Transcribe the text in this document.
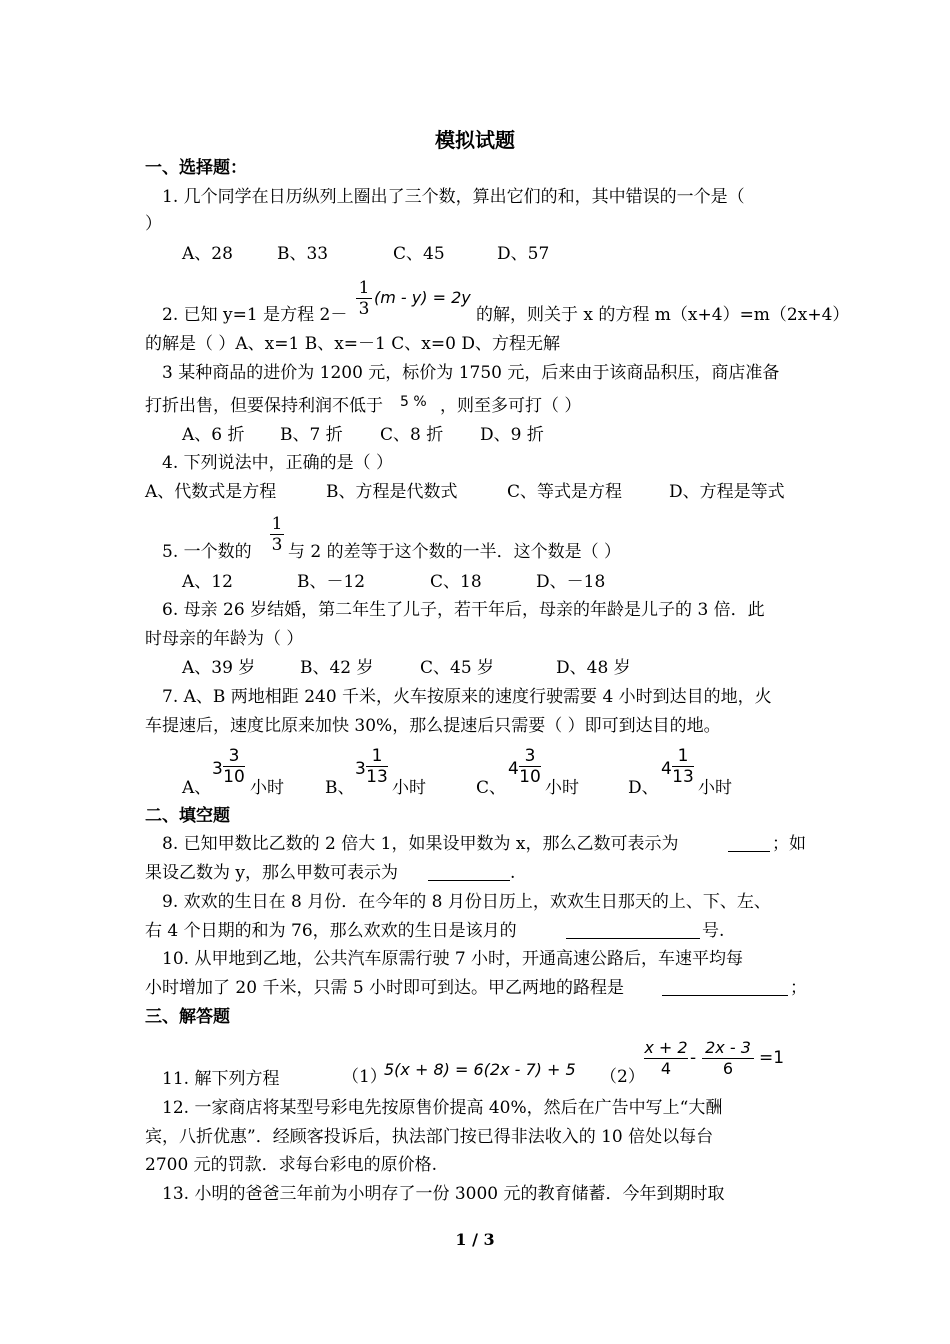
模拟试题
一、选择题：
1. 几个同学在日历纵列上圈出了三个数，算出它们的和，其中错误的一个是（
）
A、28	B、33	C、45	D、57
2. 已知 y=1 是方程 $2- \frac{1}{3} (m - y) = 2y$
的解，则关于 x 的方程 m（x+4）=m（2x+4）
的解是（ ）A、x=1 B、x=－1 C、x=0 D、方程无解
3 某种商品的进价为 1200 元，标价为 1750 元，后来由于该商品积压，商店准备
打折出售，但要保持利润不低于 5 % ，则至多可打（ ）
A、6 折 B、7 折 C、8 折 D、9 折
4. 下列说法中，正确的是（ ）
A、代数式是方程	B、方程是代数式	C、等式是方程	D、方程是等式
5. 一个数的 $\frac{1}{3}$ 与 2 的差等于这个数的一半．这个数是（ ）
A、12	B、－12	C、18	D、－18
6. 母亲 26 岁结婚，第二年生了儿子，若干年后，母亲的年龄是儿子的 3 倍．此
时母亲的年龄为（ ）
A、39 岁	B、42 岁	C、45 岁	D、48 岁
7. A、B 两地相距 240 千米，火车按原来的速度行驶需要 4 小时到达目的地，火
车提速后，速度比原来加快 30%，那么提速后只需要（ ）即可到达目的地。
A、
$3 \frac{3}{10}$
小时 B、
$3 \frac{1}{13}$
小时	C、
$4 \frac{3}{10}$
小时	D、
$4 \frac{1}{13}$
小时
二、填空题
8. 已知甲数比乙数的 2 倍大 1，如果设甲数为 x，那么乙数可表示为	；如
果设乙数为 y，那么甲数可表示为	.
9. 欢欢的生日在 8 月份．在今年的 8 月份日历上，欢欢生日那天的上、下、左、
右 4 个日期的和为 76，那么欢欢的生日是该月的	号.
10. 从甲地到乙地，公共汽车原需行驶 7 小时，开通高速公路后，车速平均每
小时增加了 20 千米，只需 5 小时即可到达。甲乙两地的路程是	；
三、解答题
11. 解下列方程	（1）
5(x + 8) = 6(2x - 7) + 5 $(2) \frac{x + 2}{4} - \frac{2x - 3}{6} =1$
12. 一家商店将某型号彩电先按原售价提高 40%，然后在广告中写上“大酬
宾，八折优惠”．经顾客投诉后，执法部门按已得非法收入的 10 倍处以每台
2700 元的罚款．求每台彩电的原价格.
13. 小明的爸爸三年前为小明存了一份 3000 元的教育储蓄．今年到期时取
1 / 3
